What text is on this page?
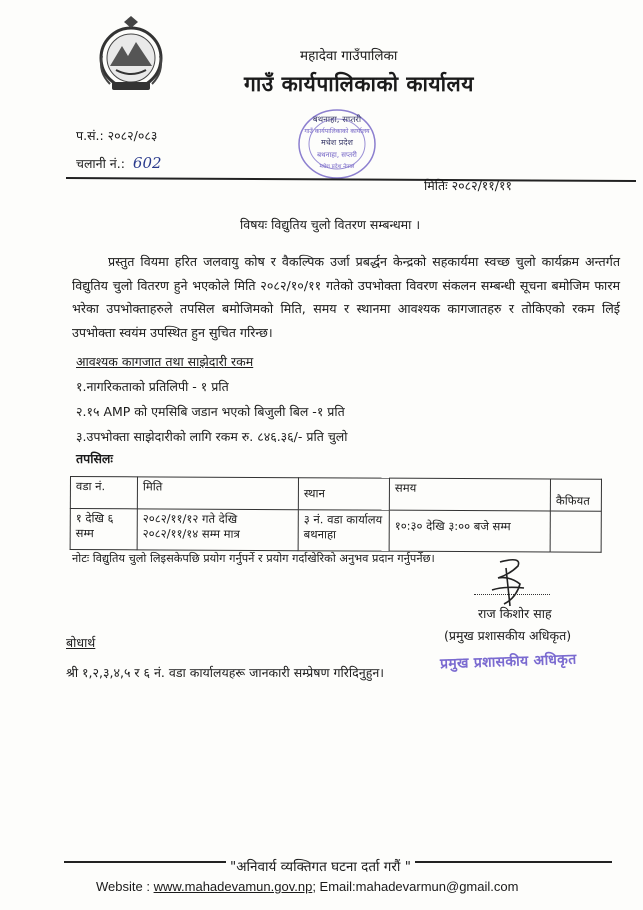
महादेवा गाउँपालिका
गाउँ कार्यपालिकाको कार्यालय
बथनाहा, सप्तरी
गाउँ कार्यपालिकाको कार्यालय
मधेश प्रदेश
बथनाहा, सप्तरी
मधेश प्रदेश नेपाल
प.सं.: २०८२/०८३
चलानी नं.: 602
मितिः २०८२/११/११
विषयः विद्युतिय चुलो वितरण सम्बन्धमा ।
प्रस्तुत वियमा हरित जलवायु कोष र वैकल्पिक उर्जा प्रबर्द्धन केन्द्रको सहकार्यमा स्वच्छ चुलो कार्यक्रम अन्तर्गत विद्युतिय चुलो वितरण हुने भएकोले मिति २०८२/१०/११ गतेको उपभोक्ता विवरण संकलन सम्बन्धी सूचना बमोजिम फारम भरेका उपभोक्ताहरुले तपसिल बमोजिमको मिति, समय र स्थानमा आवश्यक कागजातहरु र तोकिएको रकम लिई उपभोक्ता स्वयंम उपस्थित हुन सुचित गरिन्छ।
आवश्यक कागजात तथा साझेदारी रकम
१.नागरिकताको प्रतिलिपी - १ प्रति
२.१५ AMP को एमसिबि जडान भएको बिजुली बिल -१ प्रति
३.उपभोक्ता साझेदारीको लागि रकम रु. ८४६.३६/- प्रति चुलो
तपसिलः
वडा नं.	मिति	स्थान	समय	कैफियत
१ देखि ६ सम्म	२०८२/११/१२ गते देखि २०८२/११/१४ सम्म मात्र	३ नं. वडा कार्यालय बथनाहा	१०:३० देखि ३:०० बजे सम्म	
नोटः विद्युतिय चुलो लिइसकेपछि प्रयोग गर्नुपर्ने र प्रयोग गर्दाखेरिको अनुभव प्रदान गर्नुपर्नेछ।
राज किशोर साह
(प्रमुख प्रशासकीय अधिकृत)
प्रमुख प्रशासकीय अधिकृत
बोधार्थ
श्री १,२,३,४,५ र ६ नं. वडा कार्यालयहरू जानकारी सम्प्रेषण गरिदिनुहुन।
"अनिवार्य व्यक्तिगत घटना दर्ता गरौं "
Website : www.mahadevamun.gov.np; Email:mahadevarmun@gmail.com
